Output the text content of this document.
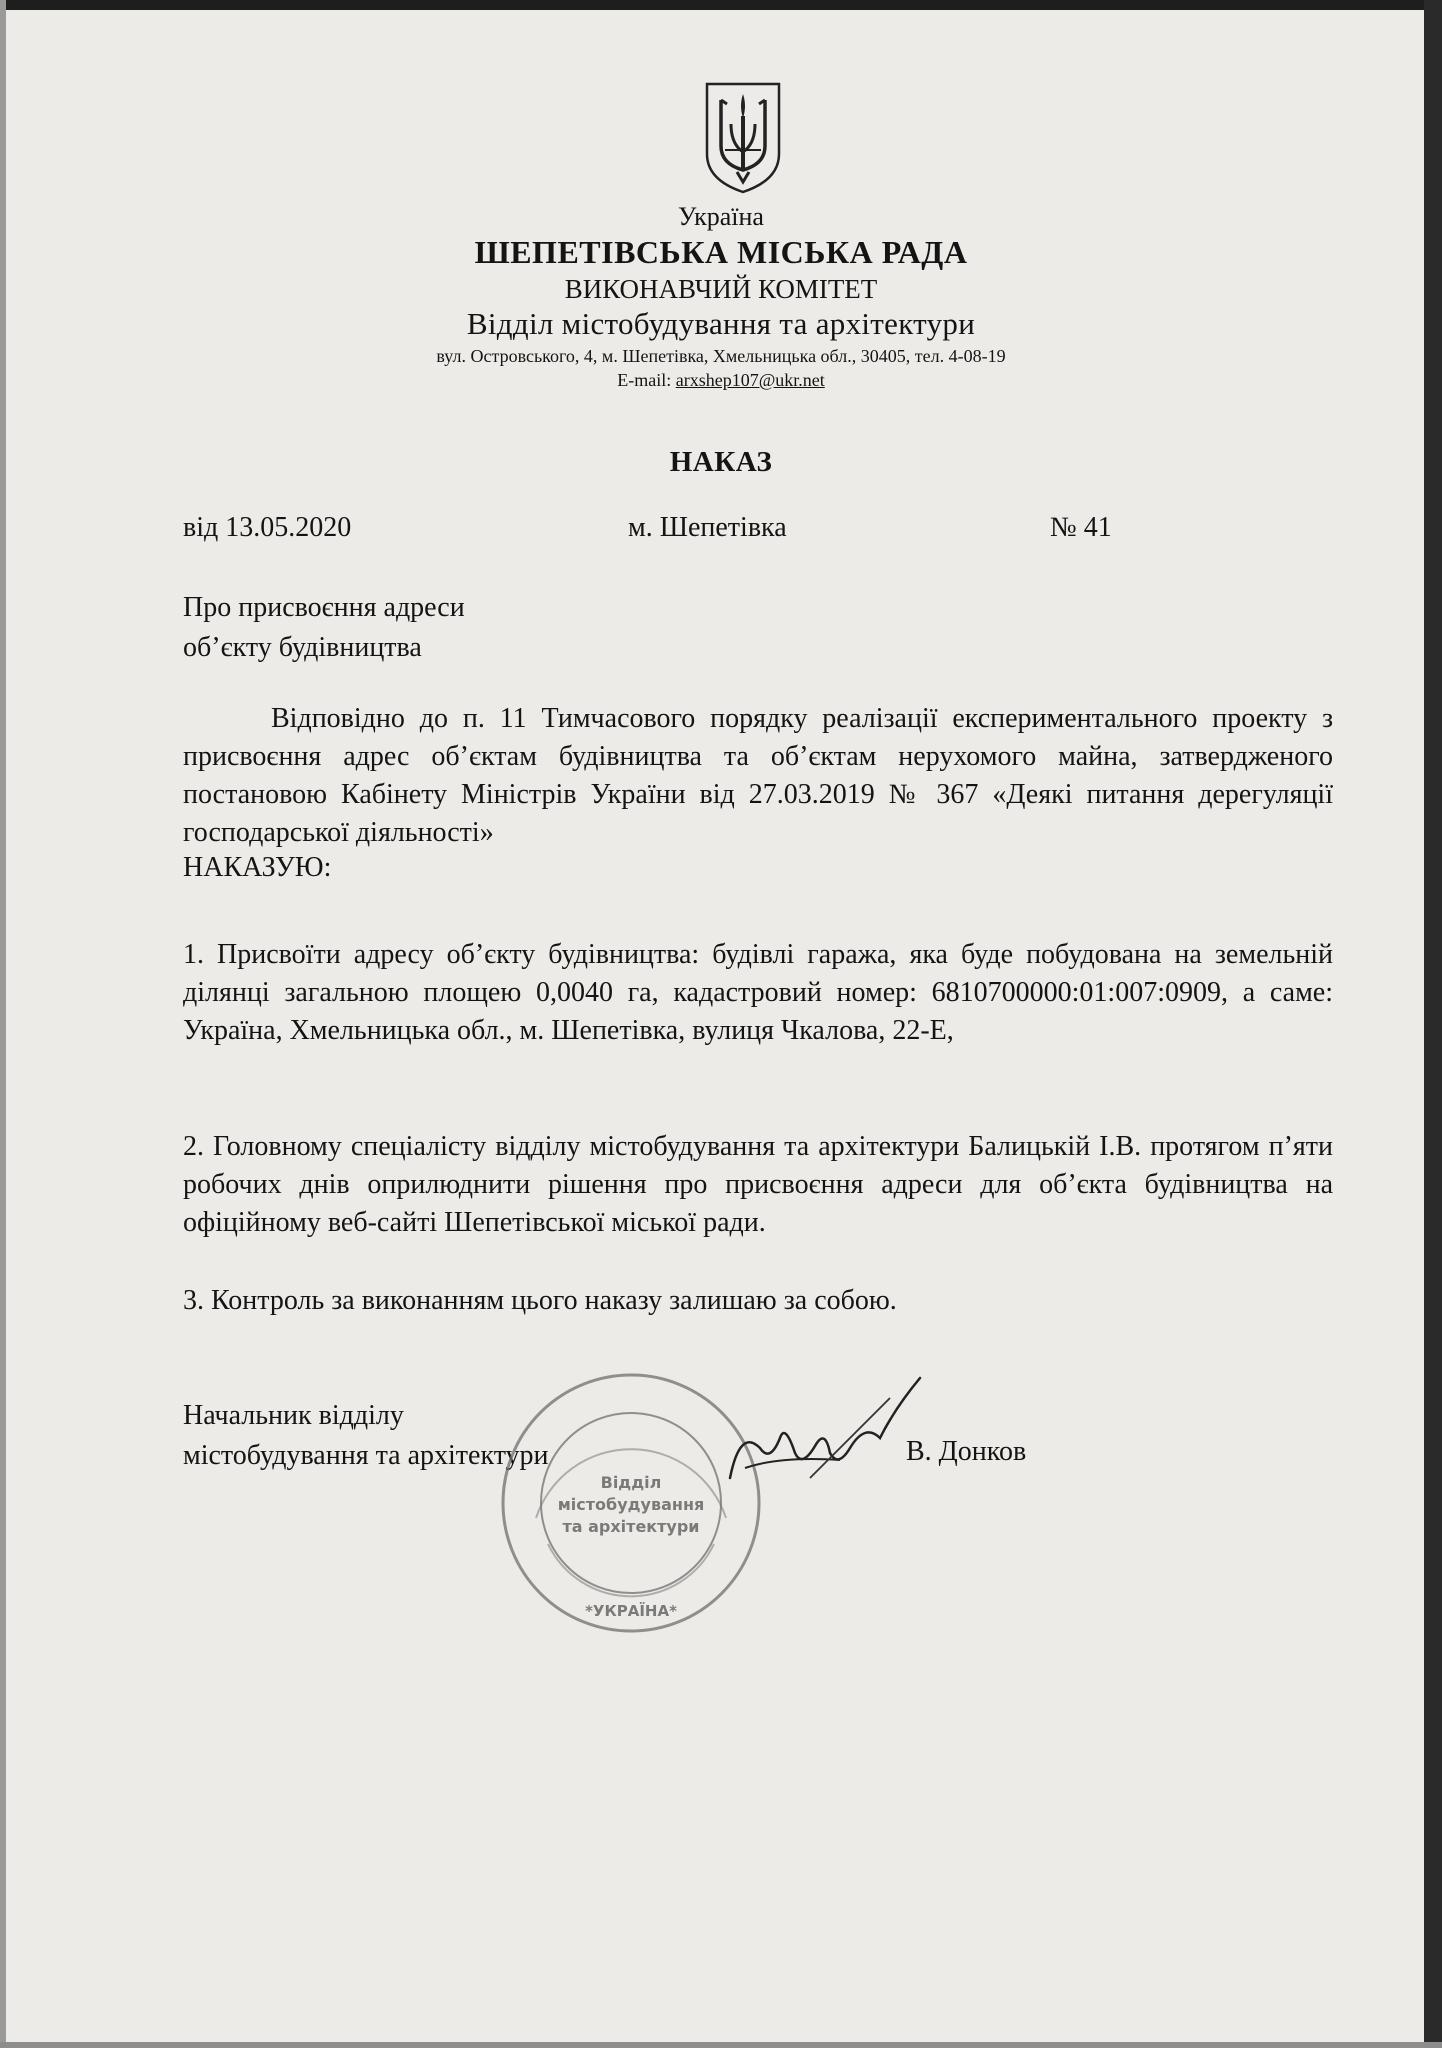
Україна
ШЕПЕТІВСЬКА МІСЬКА РАДА
ВИКОНАВЧИЙ КОМІТЕТ
Відділ містобудування та архітектури
вул. Островського, 4, м. Шепетівка, Хмельницька обл., 30405, тел. 4-08-19
E-mail: arxshep107@ukr.net
НАКАЗ
від 13.05.2020	м. Шепетівка	№ 41
Про присвоєння адреси
об’єкту будівництва
Відповідно до п. 11 Тимчасового порядку реалізації експериментального проекту з присвоєння адрес об’єктам будівництва та об’єктам нерухомого майна, затвердженого постановою Кабінету Міністрів України від 27.03.2019 № 367 «Деякі питання дерегуляції господарської діяльності»
НАКАЗУЮ:
1. Присвоїти адресу об’єкту будівництва: будівлі гаража, яка буде побудована на земельній ділянці загальною площею 0,0040 га, кадастровий номер: 6810700000:01:007:0909, а саме: Україна, Хмельницька обл., м. Шепетівка, вулиця Чкалова, 22-Е,
2. Головному спеціалісту відділу містобудування та архітектури Балицькій І.В. протягом п’яти робочих днів оприлюднити рішення про присвоєння адреси для об’єкта будівництва на офіційному веб-сайті Шепетівської міської ради.
3. Контроль за виконанням цього наказу залишаю за собою.
Начальник відділу
містобудування та архітектури	В. Донков
Відділ
містобудування
та архітектури
*УКРАЇНА*
